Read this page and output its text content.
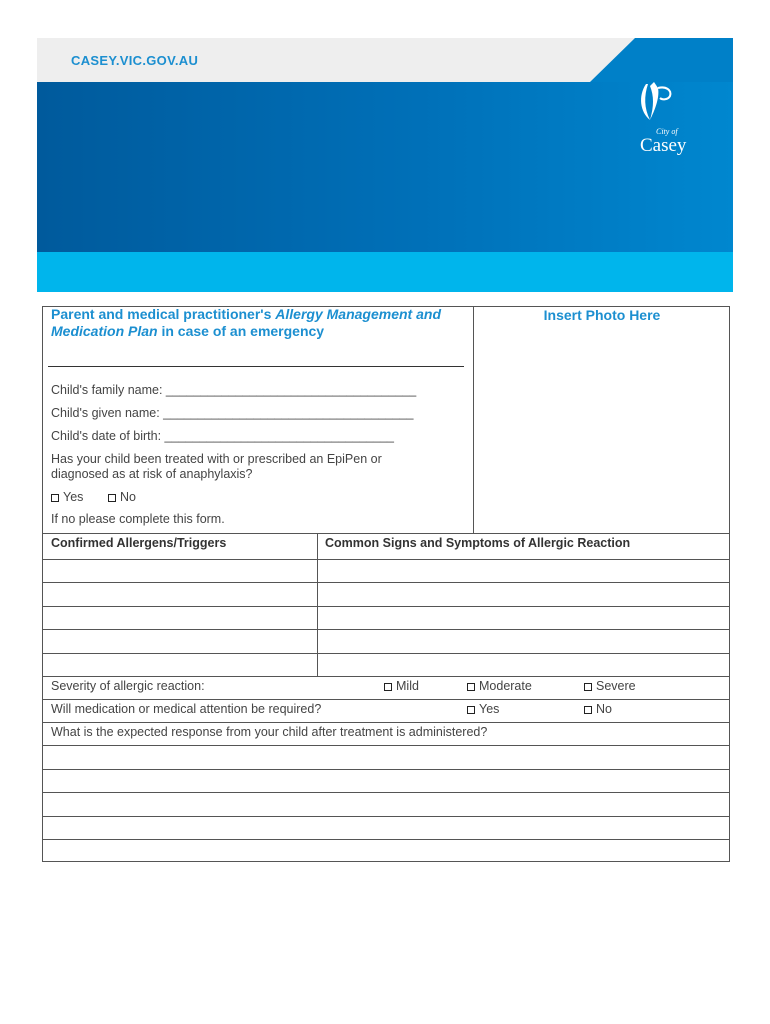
CASEY.VIC.GOV.AU
City of
Casey
Parent and medical practitioner's Allergy Management and Medication Plan in case of an emergency
Insert Photo Here
Child's family name: ____________________________________
Child's given name: ____________________________________
Child's date of birth: _________________________________
Has your child been treated with or prescribed an EpiPen or
diagnosed as at risk of anaphylaxis?
Yes	No
If no please complete this form.
Confirmed Allergens/Triggers	Common Signs and Symptoms of Allergic Reaction
Severity of allergic reaction:	Mild	Moderate	Severe
Will medication or medical attention be required?	Yes	No
What is the expected response from your child after treatment is administered?
